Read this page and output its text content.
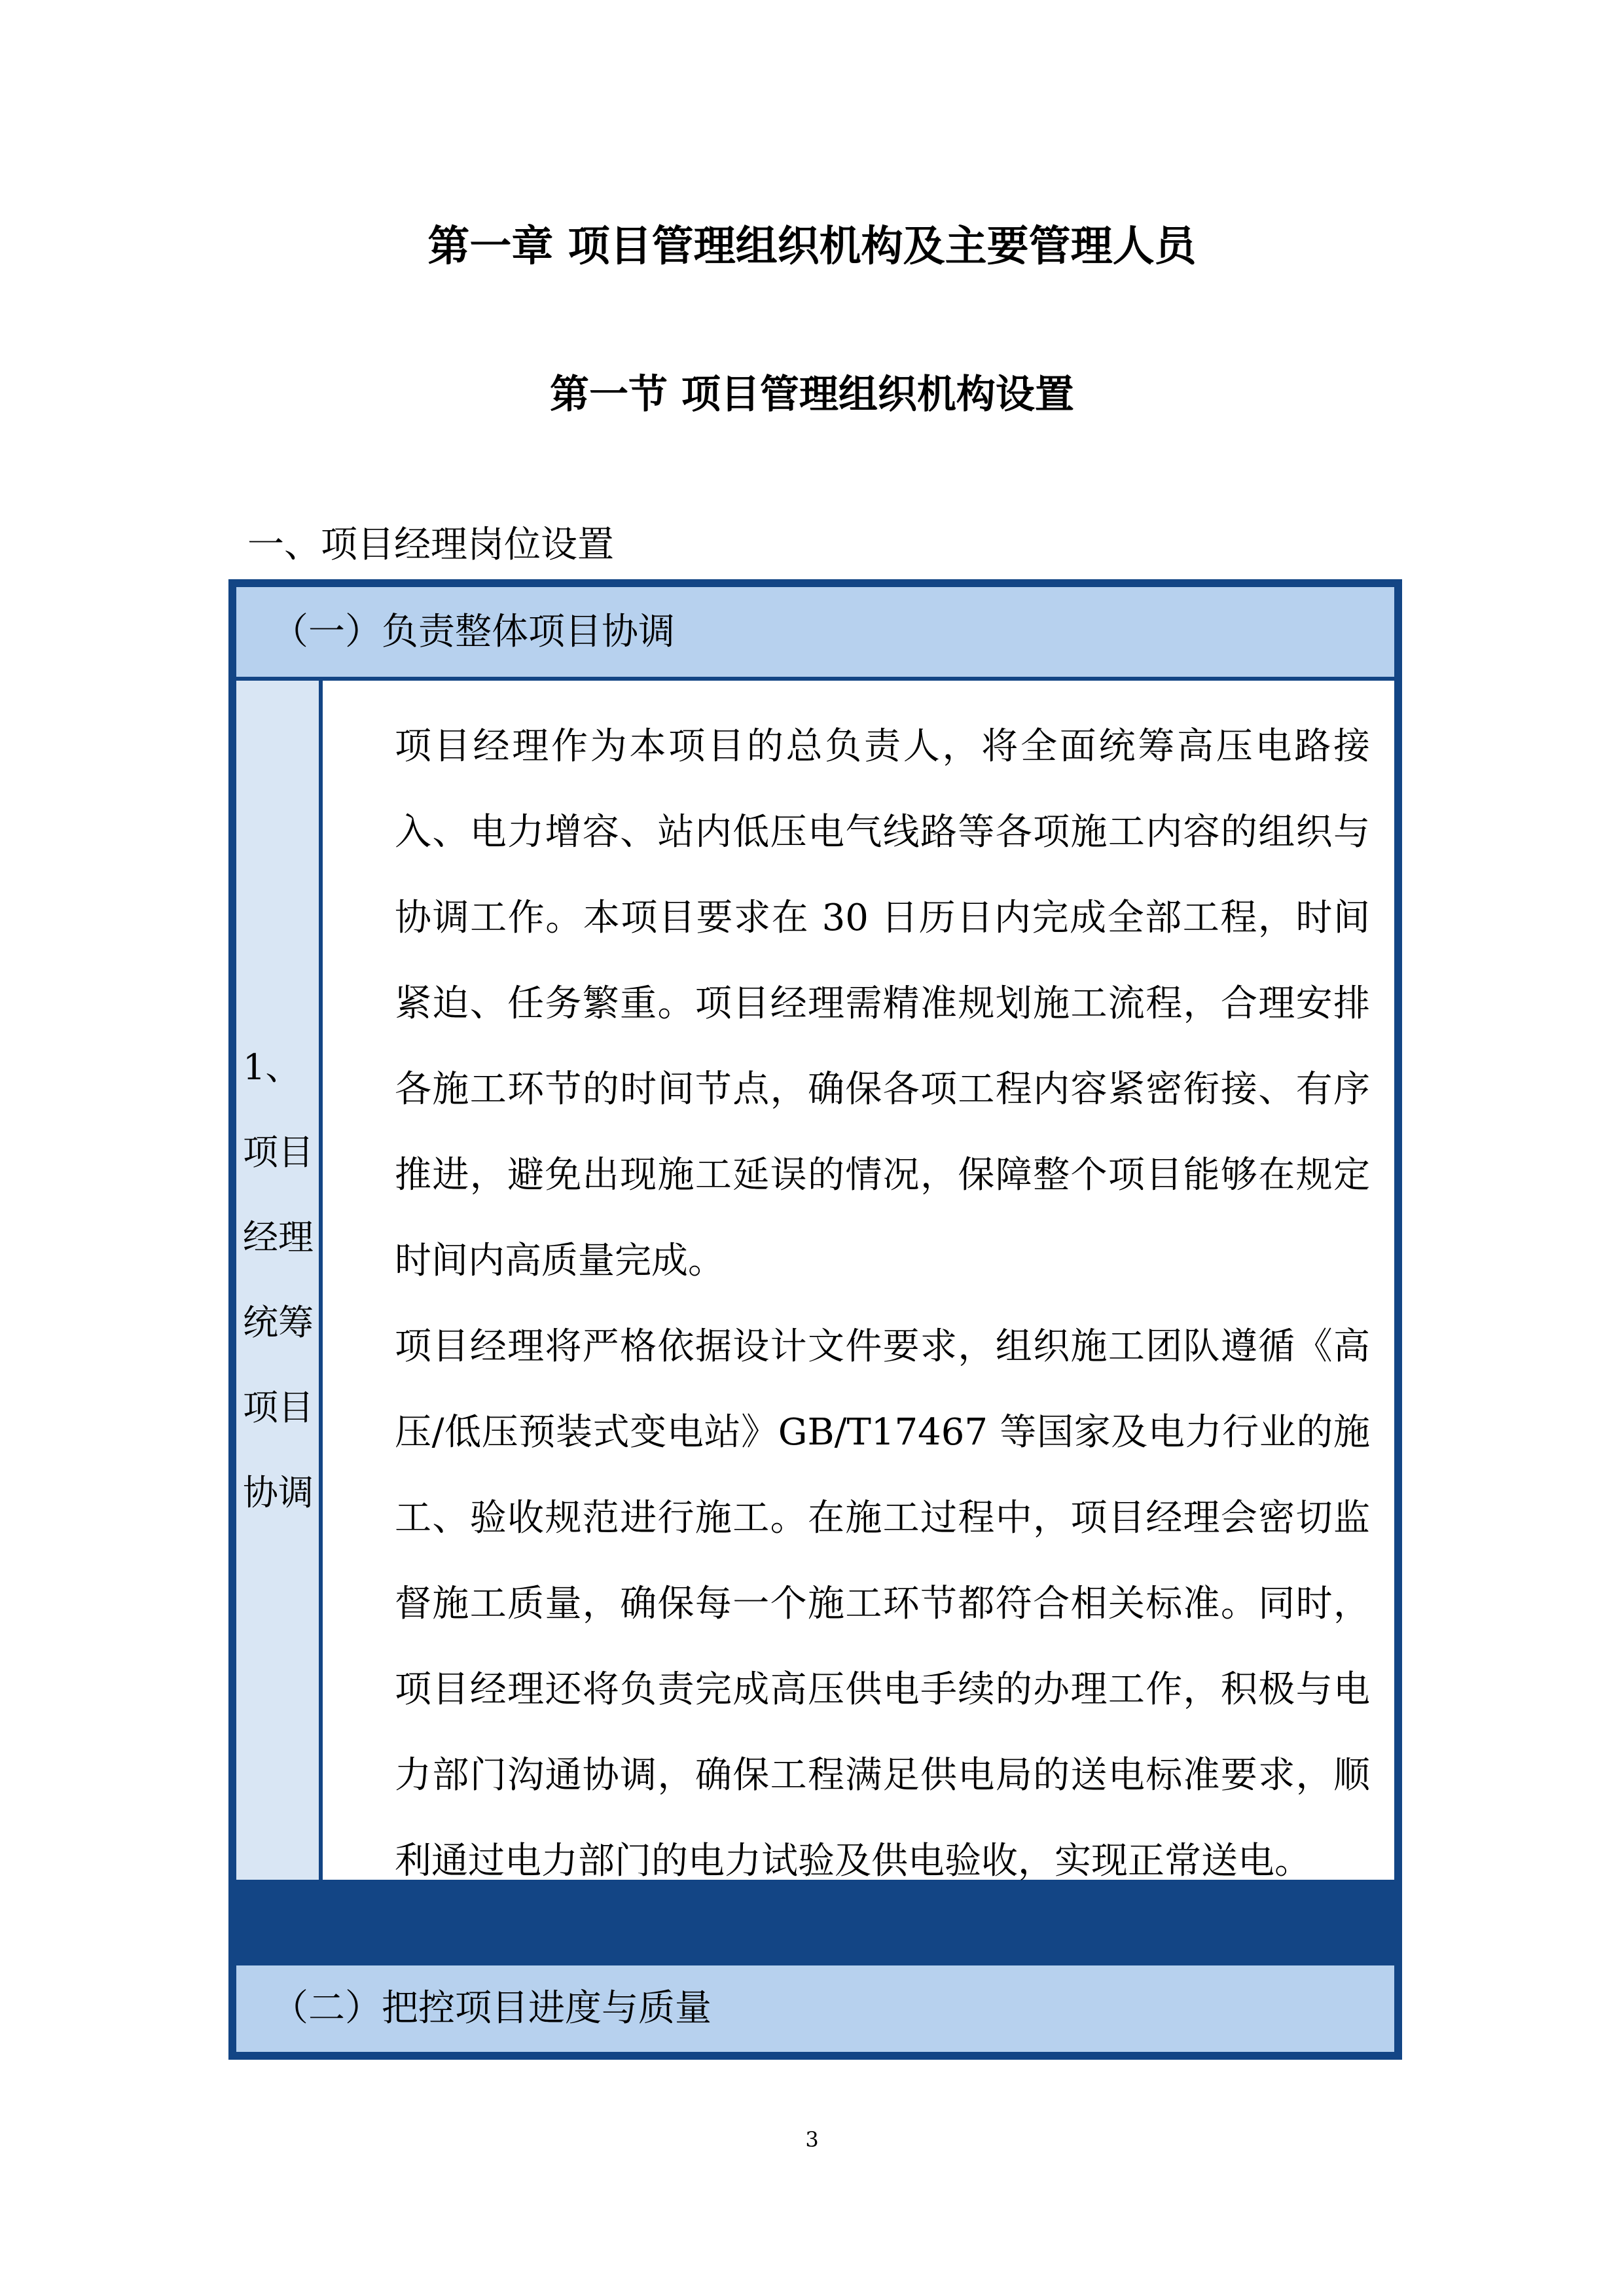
第一章 项目管理组织机构及主要管理人员
第一节 项目管理组织机构设置
一、项目经理岗位设置
（一）负责整体项目协调
1、项目经理统筹项目协调

项目经理作为本项目的总负责人，将全面统筹高压电路接入、电力增容、站内低压电气线路等各项施工内容的组织与协调工作。本项目要求在 30 日历日内完成全部工程，时间紧迫、任务繁重。项目经理需精准规划施工流程，合理安排各施工环节的时间节点，确保各项工程内容紧密衔接、有序推进，避免出现施工延误的情况，保障整个项目能够在规定时间内高质量完成。

项目经理将严格依据设计文件要求，组织施工团队遵循《高压/低压预装式变电站》GB/T17467 等国家及电力行业的施工、验收规范进行施工。在施工过程中，项目经理会密切监督施工质量，确保每一个施工环节都符合相关标准。同时，项目经理还将负责完成高压供电手续的办理工作，积极与电力部门沟通协调，确保工程满足供电局的送电标准要求，顺利通过电力部门的电力试验及供电验收，实现正常送电。

（二）把控项目进度与质量
3
